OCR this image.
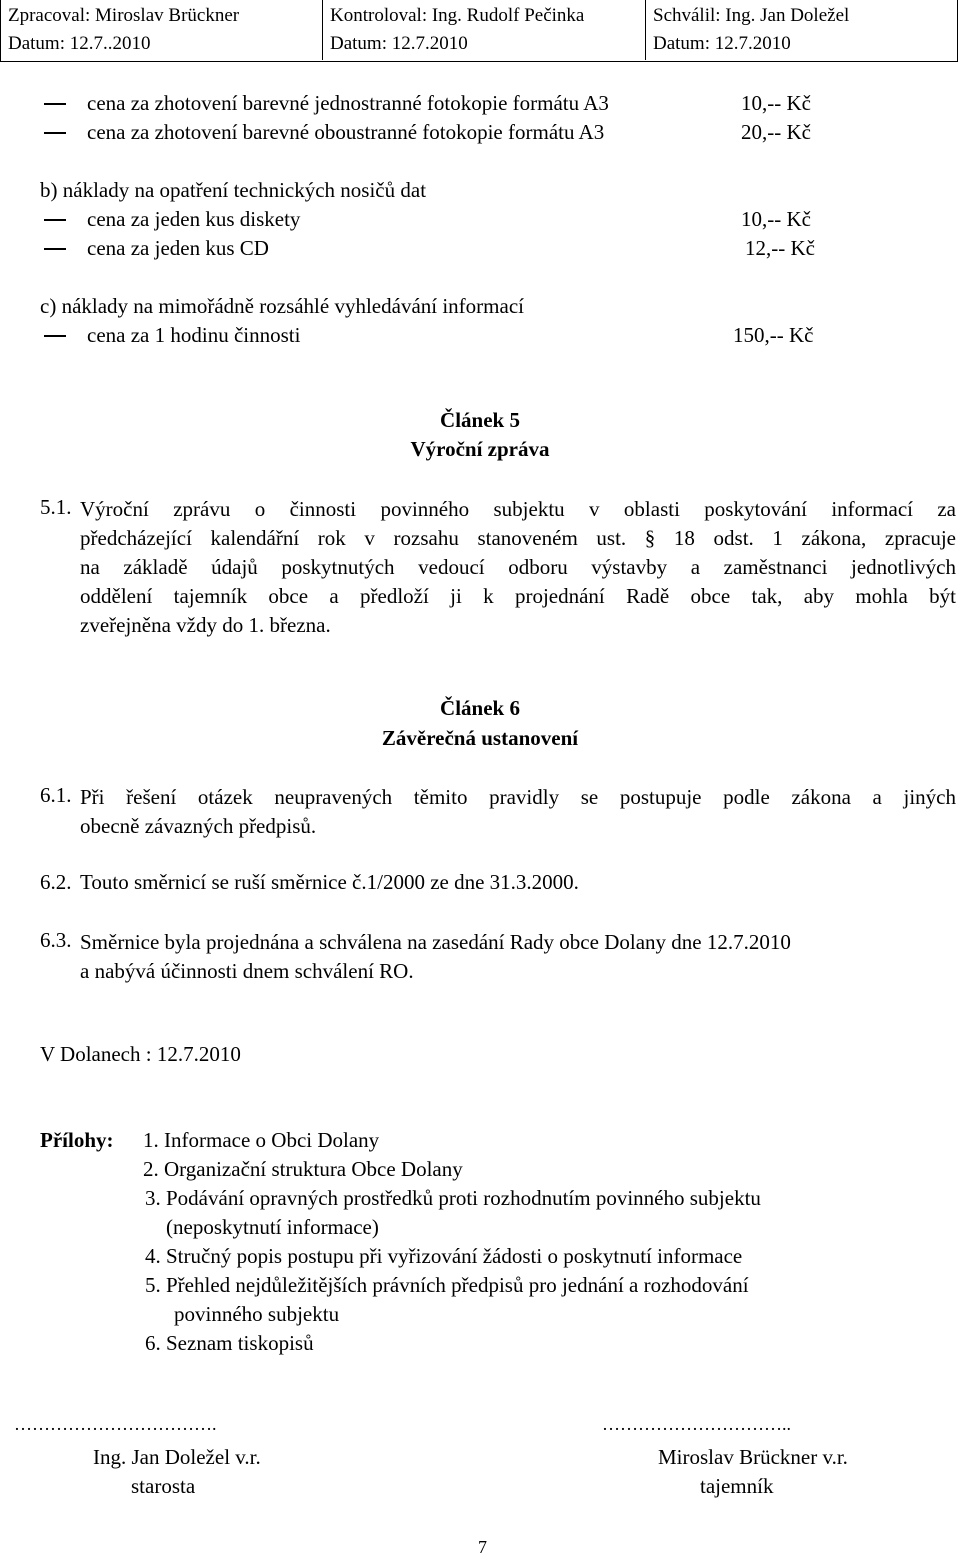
Zpracoval: Miroslav Brückner
Datum: 12.7..2010
Kontroloval: Ing. Rudolf Pečinka
Datum: 12.7.2010
Schválil: Ing. Jan Doležel
Datum: 12.7.2010
cena za zhotovení barevné jednostranné fotokopie formátu A3	10,-- Kč
cena za zhotovení barevné oboustranné fotokopie formátu A3	20,-- Kč
b) náklady na opatření technických nosičů dat
cena za jeden kus diskety	10,-- Kč
cena za jeden kus CD	12,-- Kč
c) náklady na mimořádně rozsáhlé vyhledávání informací
cena za 1 hodinu činnosti	150,-- Kč
Článek 5
Výroční zpráva
5.1. Výroční zprávu o činnosti povinného subjektu v oblasti poskytování informací za
předcházející kalendářní rok v rozsahu stanoveném ust. § 18 odst. 1 zákona, zpracuje
na základě údajů poskytnutých vedoucí odboru výstavby a zaměstnanci jednotlivých
oddělení tajemník obce a předloží ji k projednání Radě obce tak, aby mohla být
zveřejněna vždy do 1. března.
Článek 6
Závěrečná ustanovení
6.1. Při řešení otázek neupravených těmito pravidly se postupuje podle zákona a jiných
obecně závazných předpisů.
6.2. Touto směrnicí se ruší směrnice č.1/2000 ze dne 31.3.2000.
6.3. Směrnice byla projednána a schválena na zasedání Rady obce Dolany dne 12.7.2010
a nabývá účinnosti dnem schválení RO.
V Dolanech : 12.7.2010
Přílohy: 1. Informace o Obci Dolany
2. Organizační struktura Obce Dolany
3. Podávání opravných prostředků proti rozhodnutím povinného subjektu
(neposkytnutí informace)
4. Stručný popis postupu při vyřizování žádosti o poskytnutí informace
5. Přehled nejdůležitějších právních předpisů pro jednání a rozhodování
povinného subjektu
6. Seznam tiskopisů
…………………………….	…………………………..
Ing. Jan Doležel v.r.	Miroslav Brückner v.r.
starosta	tajemník
7
